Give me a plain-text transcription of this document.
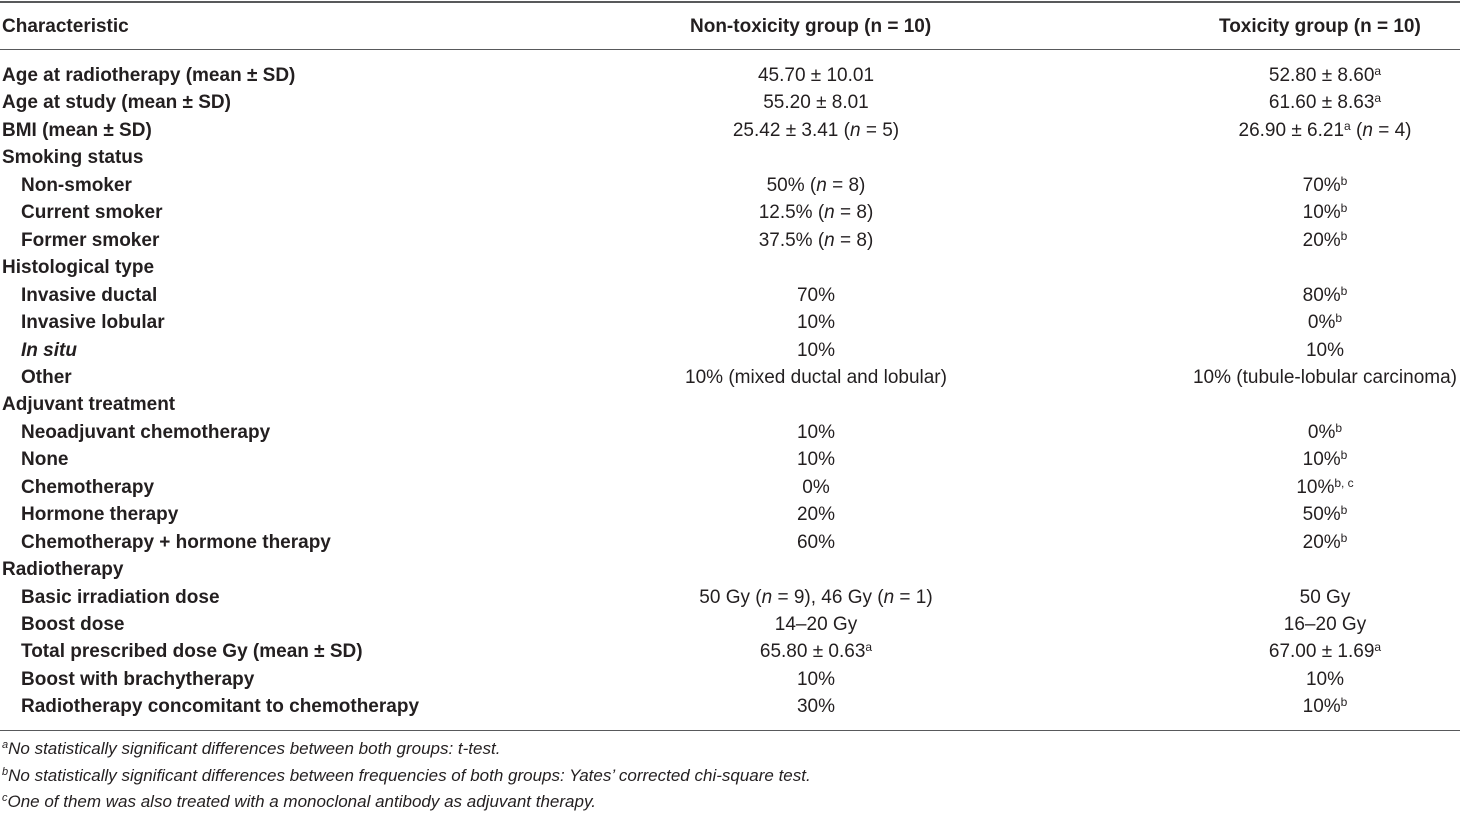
Characteristic	Non-toxicity group (n = 10)	Toxicity group (n = 10)
Age at radiotherapy (mean ± SD)	45.70 ± 10.01	52.80 ± 8.60$^a$
Age at study (mean ± SD)	55.20 ± 8.01	61.60 ± 8.63$^a$
BMI (mean ± SD)	25.42 ± 3.41 (n = 5)	26.90 ± 6.21$^a$ (n = 4)
Smoking status
Non-smoker	50% (n = 8)	70%$^b$
Current smoker	12.5% (n = 8)	10%$^b$
Former smoker	37.5% (n = 8)	20%$^b$
Histological type
Invasive ductal	70%	80%$^b$
Invasive lobular	10%	0%$^b$
In situ	10%	10%
Other	10% (mixed ductal and lobular)	10% (tubule-lobular carcinoma)
Adjuvant treatment
Neoadjuvant chemotherapy	10%	0%$^b$
None	10%	10%$^b$
Chemotherapy	0%	10%$^{b, c}$
Hormone therapy	20%	50%$^b$
Chemotherapy + hormone therapy	60%	20%$^b$
Radiotherapy
Basic irradiation dose	50 Gy (n = 9), 46 Gy (n = 1)	50 Gy
Boost dose	14–20 Gy	16–20 Gy
Total prescribed dose Gy (mean ± SD)	65.80 ± 0.63$^a$	67.00 ± 1.69$^a$
Boost with brachytherapy	10%	10%
Radiotherapy concomitant to chemotherapy	30%	10%$^b$
$^a$No statistically significant differences between both groups: t-test.
$^b$No statistically significant differences between frequencies of both groups: Yates’ corrected chi-square test.
$^c$One of them was also treated with a monoclonal antibody as adjuvant therapy.
